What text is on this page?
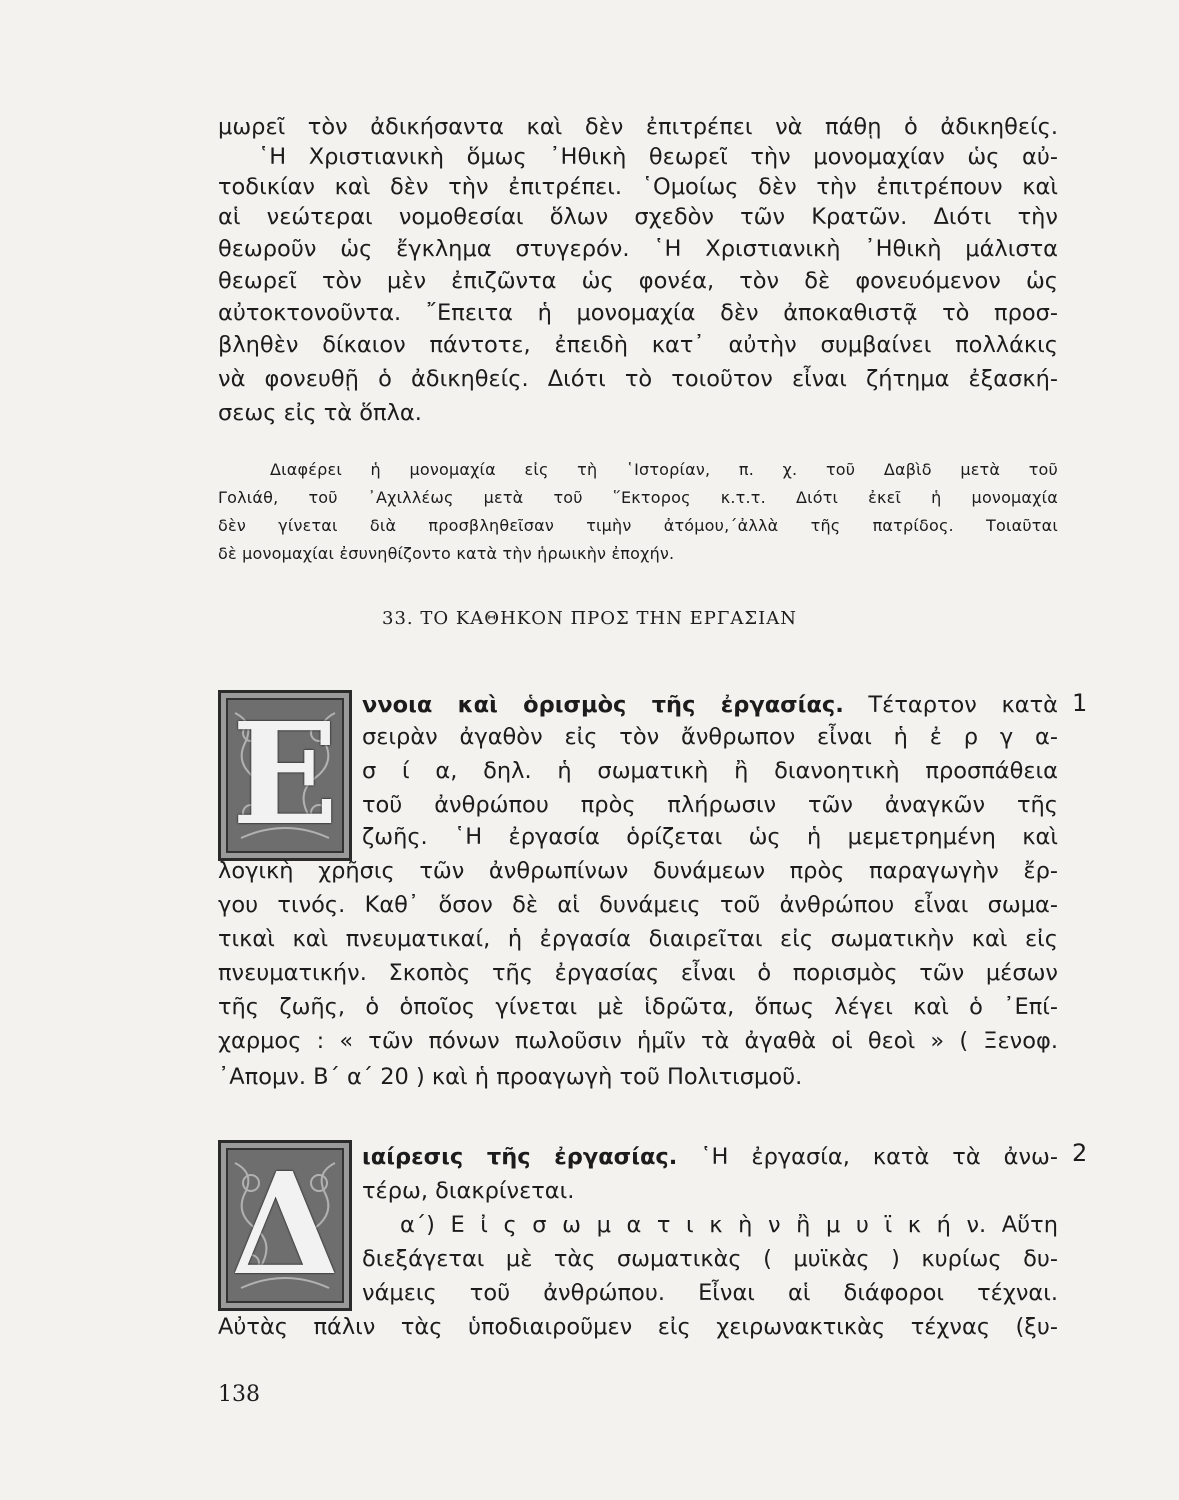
μωρεῖ τὸν ἀδικήσαντα καὶ δὲν ἐπιτρέπει νὰ πάθῃ ὁ ἀδικηθείς.
῾Η Χριστιανικὴ ὅμως ᾿Ηθικὴ θεωρεῖ τὴν μονομαχίαν ὡς αὐ-
τοδικίαν καὶ δὲν τὴν ἐπιτρέπει. ῾Ομοίως δὲν τὴν ἐπιτρέπουν καὶ
αἱ νεώτεραι νομοθεσίαι ὅλων σχεδὸν τῶν Κρατῶν. Διότι τὴν
θεωροῦν ὡς ἔγκλημα στυγερόν. ῾Η Χριστιανικὴ ᾿Ηθικὴ μάλιστα
θεωρεῖ τὸν μὲν ἐπιζῶντα ὡς φονέα, τὸν δὲ φονευόμενον ὡς
αὐτοκτονοῦντα. ῎Επειτα ἡ μονομαχία δὲν ἀποκαθιστᾷ τὸ προσ-
βληθὲν δίκαιον πάντοτε, ἐπειδὴ κατ᾿ αὐτὴν συμβαίνει πολλάκις
νὰ φονευθῇ ὁ ἀδικηθείς. Διότι τὸ τοιοῦτον εἶναι ζήτημα ἐξασκή-
σεως εἰς τὰ ὅπλα.
Διαφέρει ἡ μονομαχία εἰς τὴ ῾Ιστορίαν, π. χ. τοῦ Δαβὶδ μετὰ τοῦ
Γολιάθ, τοῦ ᾿Αχιλλέως μετὰ τοῦ ῞Εκτορος κ.τ.τ. Διότι ἐκεῖ ἡ μονομαχία
δὲν γίνεται διὰ προσβληθεῖσαν τιμὴν ἀτόμου,΄ἀλλὰ τῆς πατρίδος. Τοιαῦται
δὲ μονομαχίαι ἐσυνηθίζοντο κατὰ τὴν ἡρωικὴν ἐποχήν.
33. ΤΟ ΚΑΘΗΚΟΝ ΠΡΟΣ ΤΗΝ ΕΡΓΑΣΙΑΝ
Ε	1
ννοια καὶ ὁρισμὸς τῆς ἐργασίας. Τέταρτον κατὰ
σειρὰν ἀγαθὸν εἰς τὸν ἄνθρωπον εἶναι ἡ ἐ ρ γ α-
σ ί α, δηλ. ἡ σωματικὴ ἢ διανοητικὴ προσπάθεια
τοῦ ἀνθρώπου πρὸς πλήρωσιν τῶν ἀναγκῶν τῆς
ζωῆς. ῾Η ἐργασία ὁρίζεται ὡς ἡ μεμετρημένη καὶ
λογικὴ χρῆσις τῶν ἀνθρωπίνων δυνάμεων πρὸς παραγωγὴν ἔρ-
γου τινός. Καθ᾿ ὅσον δὲ αἱ δυνάμεις τοῦ ἀνθρώπου εἶναι σωμα-
τικαὶ καὶ πνευματικαί, ἡ ἐργασία διαιρεῖται εἰς σωματικὴν καὶ εἰς
πνευματικήν. Σκοπὸς τῆς ἐργασίας εἶναι ὁ πορισμὸς τῶν μέσων
τῆς ζωῆς, ὁ ὁποῖος γίνεται μὲ ἱδρῶτα, ὅπως λέγει καὶ ὁ ᾿Επί-
χαρμος : « τῶν πόνων πωλοῦσιν ἡμῖν τὰ ἀγαθὰ οἱ θεοὶ » ( Ξενοφ.
᾿Απομν. Β΄ α΄ 20 ) καὶ ἡ προαγωγὴ τοῦ Πολιτισμοῦ.
Δ	2
ιαίρεσις τῆς ἐργασίας. ῾Η ἐργασία, κατὰ τὰ ἀνω-
τέρω, διακρίνεται.
α΄) Ε ἰ ς σ ω μ α τ ι κ ὴ ν ἢ μ υ ϊ κ ή ν. Αὕτη
διεξάγεται μὲ τὰς σωματικὰς ( μυϊκὰς ) κυρίως δυ-
νάμεις τοῦ ἀνθρώπου. Εἶναι αἱ διάφοροι τέχναι.
Αὐτὰς πάλιν τὰς ὑποδιαιροῦμεν εἰς χειρωνακτικὰς τέχνας (ξυ-
138
